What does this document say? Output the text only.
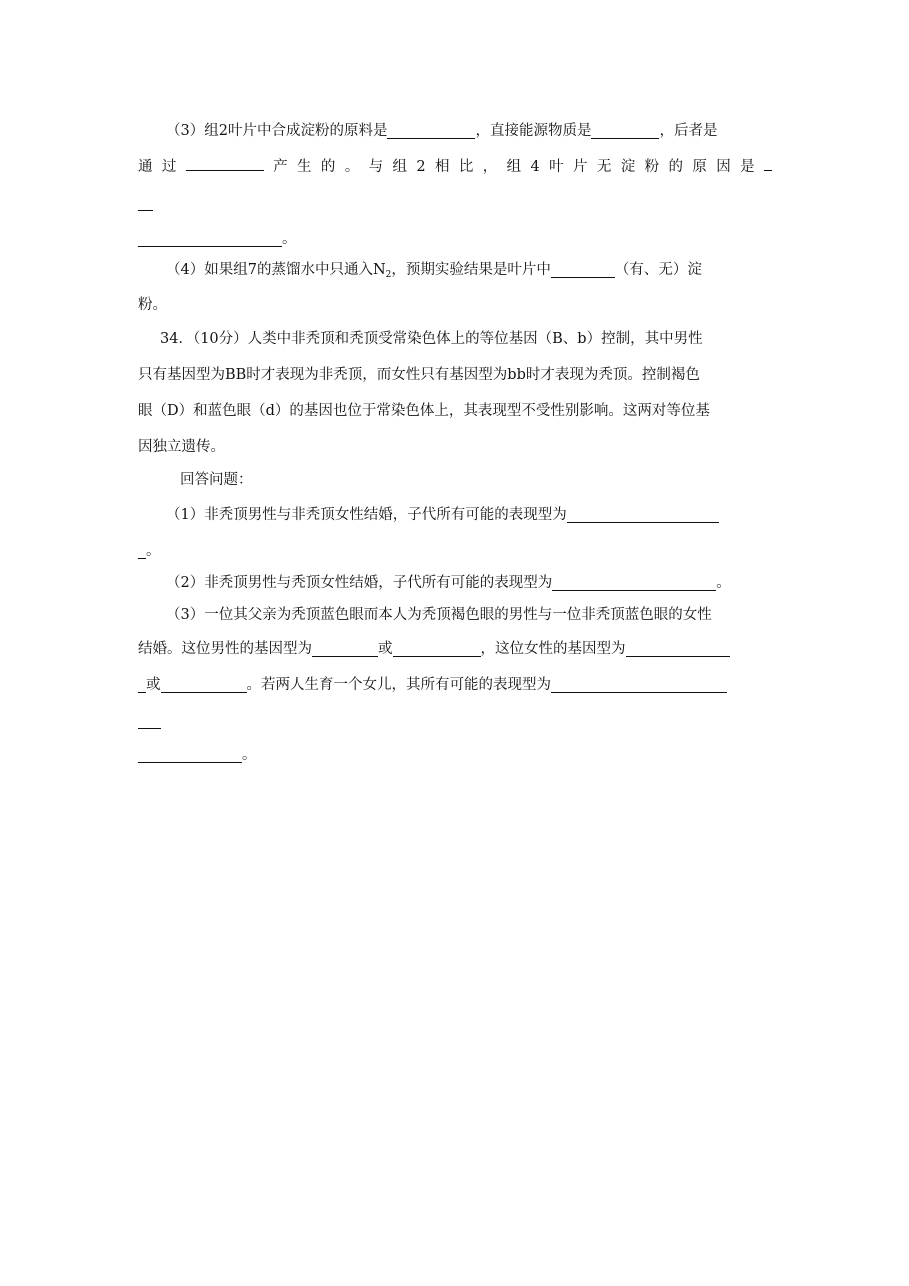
（3）组2叶片中合成淀粉的原料是	，直接能源物质是	，后者是
通 过	产 生 的 。 与 组 2 相 比 ， 组 4 叶 片 无 淀 粉 的 原 因 是
。
（4）如果组7的蒸馏水中只通入$N_2$，预期实验结果是叶片中	（有、无）淀
粉。
34．（10分）人类中非秃顶和秃顶受常染色体上的等位基因（B、b）控制，其中男性
只有基因型为BB时才表现为非秃顶，而女性只有基因型为bb时才表现为秃顶。控制褐色
眼（D）和蓝色眼（d）的基因也位于常染色体上，其表现型不受性别影响。这两对等位基
因独立遗传。
回答问题：
（1）非秃顶男性与非秃顶女性结婚，子代所有可能的表现型为
。
（2）非秃顶男性与秃顶女性结婚，子代所有可能的表现型为	。
（3）一位其父亲为秃顶蓝色眼而本人为秃顶褐色眼的男性与一位非秃顶蓝色眼的女性
结婚。这位男性的基因型为	或	，这位女性的基因型为
或	。若两人生育一个女儿，其所有可能的表现型为
。
